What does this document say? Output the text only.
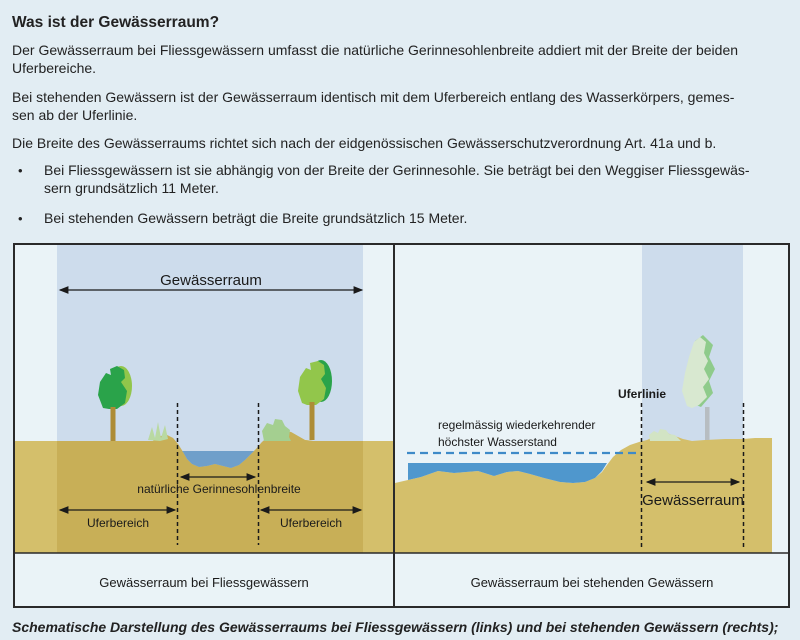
Was ist der Gewässerraum?
Der Gewässerraum bei Fliessgewässern umfasst die natürliche Gerinnesohlenbreite addiert mit der Breite der beiden
Uferbereiche.
Bei stehenden Gewässern ist der Gewässerraum identisch mit dem Uferbereich entlang des Wasserkörpers, gemes-
sen ab der Uferlinie.
Die Breite des Gewässerraums richtet sich nach der eidgenössischen Gewässerschutzverordnung Art. 41a und b.
•	Bei Fliessgewässern ist sie abhängig von der Breite der Gerinnesohle. Sie beträgt bei den Weggiser Fliessgewäs-
sern grundsätzlich 11 Meter.
•	Bei stehenden Gewässern beträgt die Breite grundsätzlich 15 Meter.
Gewässerraum
natürliche Gerinnesohlenbreite
Uferbereich	Uferbereich
Gewässerraum bei Fliessgewässern
Uferlinie
regelmässig wiederkehrender
höchster Wasserstand
Gewässerraum
Gewässerraum bei stehenden Gewässern
Schematische Darstellung des Gewässerraums bei Fliessgewässern (links) und bei stehenden Gewässern (rechts);
